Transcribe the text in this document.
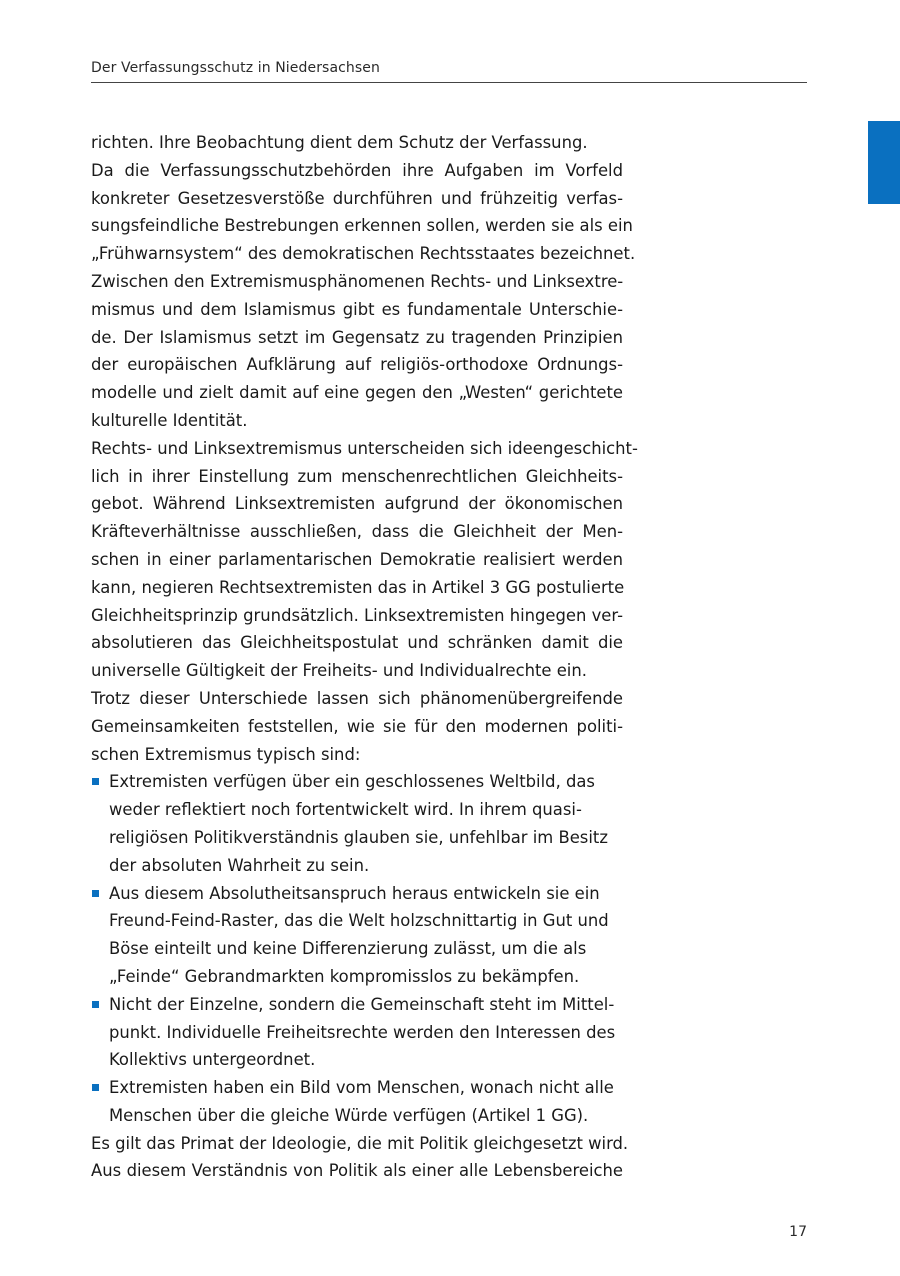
Der Verfassungsschutz in Niedersachsen

richten. Ihre Beobachtung dient dem Schutz der Verfassung.

Da die Verfassungsschutzbehörden ihre Aufgaben im Vorfeld
konkreter Gesetzesverstöße durchführen und frühzeitig verfas-
sungsfeindliche Bestrebungen erkennen sollen, werden sie als ein
„Frühwarnsystem“ des demokratischen Rechtsstaates bezeichnet.

Zwischen den Extremismusphänomenen Rechts- und Linksextre-
mismus und dem Islamismus gibt es fundamentale Unterschie-
de. Der Islamismus setzt im Gegensatz zu tragenden Prinzipien
der europäischen Aufklärung auf religiös-orthodoxe Ordnungs-
modelle und zielt damit auf eine gegen den „Westen“ gerichtete
kulturelle Identität.

Rechts- und Linksextremismus unterscheiden sich ideengeschicht-
lich in ihrer Einstellung zum menschenrechtlichen Gleichheits-
gebot. Während Linksextremisten aufgrund der ökonomischen
Kräfteverhältnisse ausschließen, dass die Gleichheit der Men-
schen in einer parlamentarischen Demokratie realisiert werden
kann, negieren Rechtsextremisten das in Artikel 3 GG postulierte
Gleichheitsprinzip grundsätzlich. Linksextremisten hingegen ver-
absolutieren das Gleichheitspostulat und schränken damit die
universelle Gültigkeit der Freiheits- und Individualrechte ein.

Trotz dieser Unterschiede lassen sich phänomenübergreifende
Gemeinsamkeiten feststellen, wie sie für den modernen politi-
schen Extremismus typisch sind:

Extremisten verfügen über ein geschlossenes Weltbild, das
weder reflektiert noch fortentwickelt wird. In ihrem quasi-
religiösen Politikverständnis glauben sie, unfehlbar im Besitz
der absoluten Wahrheit zu sein.
Aus diesem Absolutheitsanspruch heraus entwickeln sie ein
Freund-Feind-Raster, das die Welt holzschnittartig in Gut und
Böse einteilt und keine Differenzierung zulässt, um die als
„Feinde“ Gebrandmarkten kompromisslos zu bekämpfen.
Nicht der Einzelne, sondern die Gemeinschaft steht im Mittel-
punkt. Individuelle Freiheitsrechte werden den Interessen des
Kollektivs untergeordnet.
Extremisten haben ein Bild vom Menschen, wonach nicht alle
Menschen über die gleiche Würde verfügen (Artikel 1 GG).

Es gilt das Primat der Ideologie, die mit Politik gleichgesetzt wird.
Aus diesem Verständnis von Politik als einer alle Lebensbereiche

17
